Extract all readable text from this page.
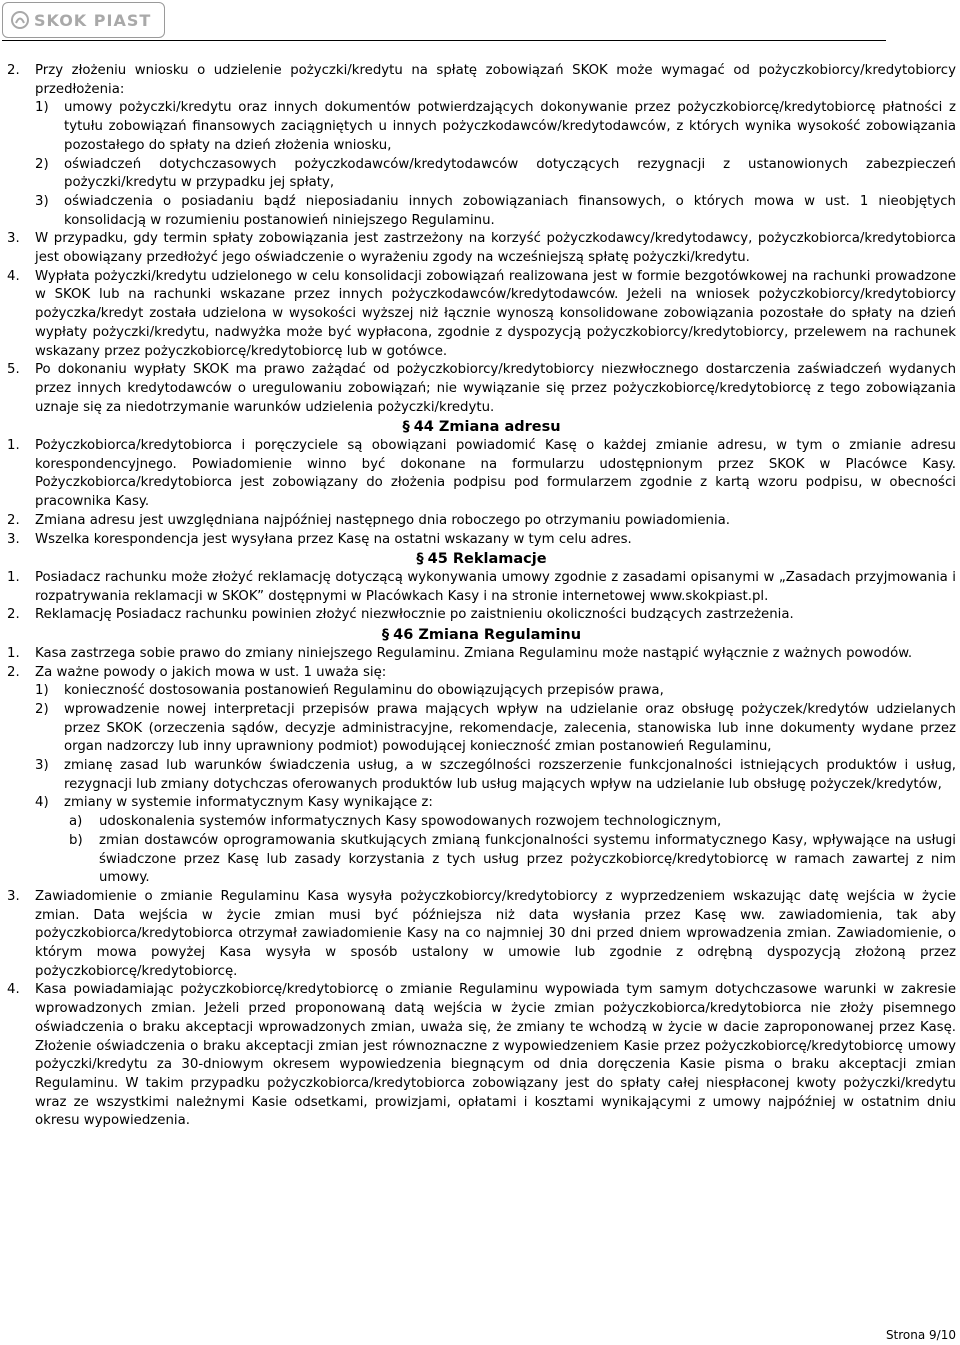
SKOK PIAST
2. Przy złożeniu wniosku o udzielenie pożyczki/kredytu na spłatę zobowiązań SKOK może wymagać od pożyczkobiorcy/kredytobiorcy przedłożenia:
1) umowy pożyczki/kredytu oraz innych dokumentów potwierdzających dokonywanie przez pożyczkobiorcę/kredytobiorcę płatności z tytułu zobowiązań finansowych zaciągniętych u innych pożyczkodawców/kredytodawców, z których wynika wysokość zobowiązania pozostałego do spłaty na dzień złożenia wniosku,
2) oświadczeń dotychczasowych pożyczkodawców/kredytodawców dotyczących rezygnacji z ustanowionych zabezpieczeń pożyczki/kredytu w przypadku jej spłaty,
3) oświadczenia o posiadaniu bądź nieposiadaniu innych zobowiązaniach finansowych, o których mowa w ust. 1 nieobjętych konsolidacją w rozumieniu postanowień niniejszego Regulaminu.
3. W przypadku, gdy termin spłaty zobowiązania jest zastrzeżony na korzyść pożyczkodawcy/kredytodawcy, pożyczkobiorca/kredytobiorca jest obowiązany przedłożyć jego oświadczenie o wyrażeniu zgody na wcześniejszą spłatę pożyczki/kredytu.
4. Wypłata pożyczki/kredytu udzielonego w celu konsolidacji zobowiązań realizowana jest w formie bezgotówkowej na rachunki prowadzone w SKOK lub na rachunki wskazane przez innych pożyczkodawców/kredytodawców. Jeżeli na wniosek pożyczkobiorcy/kredytobiorcy pożyczka/kredyt została udzielona w wysokości wyższej niż łącznie wynoszą konsolidowane zobowiązania pozostałe do spłaty na dzień wypłaty pożyczki/kredytu, nadwyżka może być wypłacona, zgodnie z dyspozycją pożyczkobiorcy/kredytobiorcy, przelewem na rachunek wskazany przez pożyczkobiorcę/kredytobiorcę lub w gotówce.
5. Po dokonaniu wypłaty SKOK ma prawo zażądać od pożyczkobiorcy/kredytobiorcy niezwłocznego dostarczenia zaświadczeń wydanych przez innych kredytodawców o uregulowaniu zobowiązań; nie wywiązanie się przez pożyczkobiorcę/kredytobiorcę z tego zobowiązania uznaje się za niedotrzymanie warunków udzielenia pożyczki/kredytu.
§ 44 Zmiana adresu
1. Pożyczkobiorca/kredytobiorca i poręczyciele są obowiązani powiadomić Kasę o każdej zmianie adresu, w tym o zmianie adresu korespondencyjnego. Powiadomienie winno być dokonane na formularzu udostępnionym przez SKOK w Placówce Kasy. Pożyczkobiorca/kredytobiorca jest zobowiązany do złożenia podpisu pod formularzem zgodnie z kartą wzoru podpisu, w obecności pracownika Kasy.
2. Zmiana adresu jest uwzględniana najpóźniej następnego dnia roboczego po otrzymaniu powiadomienia.
3. Wszelka korespondencja jest wysyłana przez Kasę na ostatni wskazany w tym celu adres.
§ 45 Reklamacje
1. Posiadacz rachunku może złożyć reklamację dotyczącą wykonywania umowy zgodnie z zasadami opisanymi w „Zasadach przyjmowania i rozpatrywania reklamacji w SKOK” dostępnymi w Placówkach Kasy i na stronie internetowej www.skokpiast.pl.
2. Reklamację Posiadacz rachunku powinien złożyć niezwłocznie po zaistnieniu okoliczności budzących zastrzeżenia.
§ 46 Zmiana Regulaminu
1. Kasa zastrzega sobie prawo do zmiany niniejszego Regulaminu. Zmiana Regulaminu może nastąpić wyłącznie z ważnych powodów.
2. Za ważne powody o jakich mowa w ust. 1 uważa się:
1) konieczność dostosowania postanowień Regulaminu do obowiązujących przepisów prawa,
2) wprowadzenie nowej interpretacji przepisów prawa mających wpływ na udzielanie oraz obsługę pożyczek/kredytów udzielanych przez SKOK (orzeczenia sądów, decyzje administracyjne, rekomendacje, zalecenia, stanowiska lub inne dokumenty wydane przez organ nadzorczy lub inny uprawniony podmiot) powodującej konieczność zmian postanowień Regulaminu,
3) zmianę zasad lub warunków świadczenia usług, a w szczególności rozszerzenie funkcjonalności istniejących produktów i usług, rezygnacji lub zmiany dotychczas oferowanych produktów lub usług mających wpływ na udzielanie lub obsługę pożyczek/kredytów,
4) zmiany w systemie informatycznym Kasy wynikające z:
a) udoskonalenia systemów informatycznych Kasy spowodowanych rozwojem technologicznym,
b) zmian dostawców oprogramowania skutkujących zmianą funkcjonalności systemu informatycznego Kasy, wpływające na usługi świadczone przez Kasę lub zasady korzystania z tych usług przez pożyczkobiorcę/kredytobiorcę w ramach zawartej z nim umowy.
3. Zawiadomienie o zmianie Regulaminu Kasa wysyła pożyczkobiorcy/kredytobiorcy z wyprzedzeniem wskazując datę wejścia w życie zmian. Data wejścia w życie zmian musi być późniejsza niż data wysłania przez Kasę ww. zawiadomienia, tak aby pożyczkobiorca/kredytobiorca otrzymał zawiadomienie Kasy na co najmniej 30 dni przed dniem wprowadzenia zmian. Zawiadomienie, o którym mowa powyżej Kasa wysyła w sposób ustalony w umowie lub zgodnie z odrębną dyspozycją złożoną przez pożyczkobiorcę/kredytobiorcę.
4. Kasa powiadamiając pożyczkobiorcę/kredytobiorcę o zmianie Regulaminu wypowiada tym samym dotychczasowe warunki w zakresie wprowadzonych zmian. Jeżeli przed proponowaną datą wejścia w życie zmian pożyczkobiorca/kredytobiorca nie złoży pisemnego oświadczenia o braku akceptacji wprowadzonych zmian, uważa się, że zmiany te wchodzą w życie w dacie zaproponowanej przez Kasę. Złożenie oświadczenia o braku akceptacji zmian jest równoznaczne z wypowiedzeniem Kasie przez pożyczkobiorcę/kredytobiorcę umowy pożyczki/kredytu za 30-dniowym okresem wypowiedzenia biegnącym od dnia doręczenia Kasie pisma o braku akceptacji zmian Regulaminu. W takim przypadku pożyczkobiorca/kredytobiorca zobowiązany jest do spłaty całej niespłaconej kwoty pożyczki/kredytu wraz ze wszystkimi należnymi Kasie odsetkami, prowizjami, opłatami i kosztami wynikającymi z umowy najpóźniej w ostatnim dniu okresu wypowiedzenia.
Strona 9/10
